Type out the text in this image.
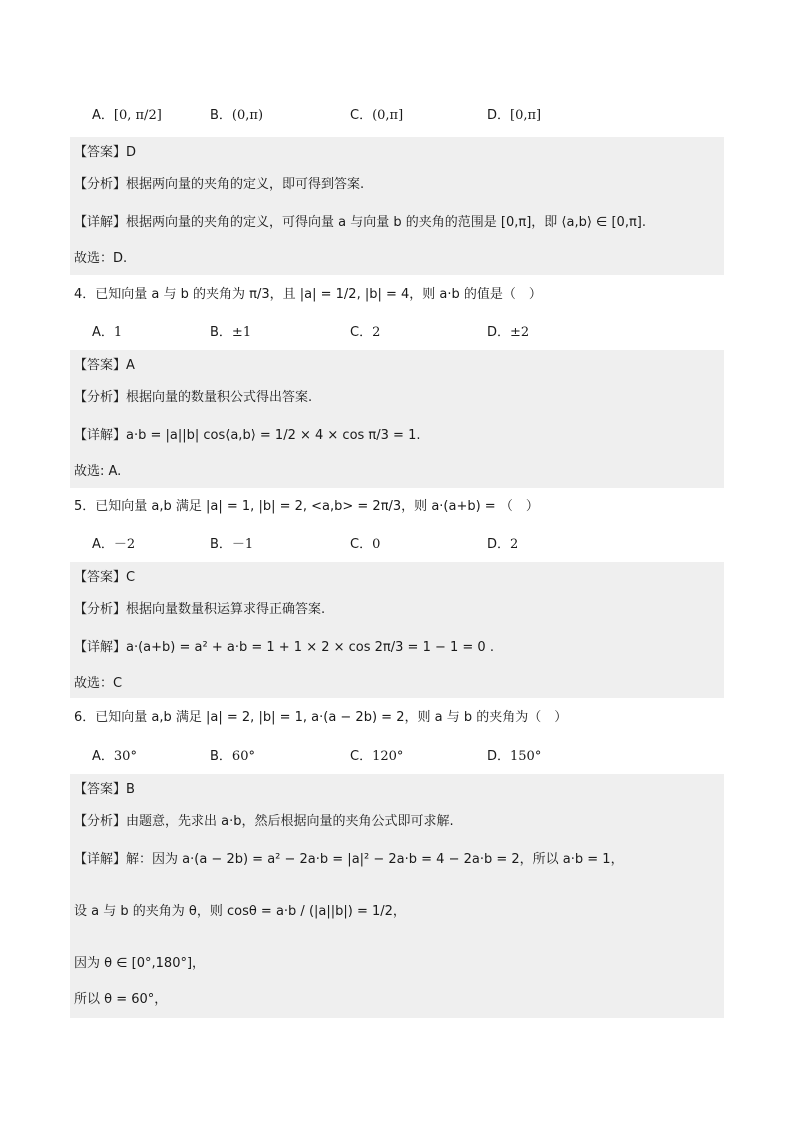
A．[0, π/2]	B．(0,π)	C．(0,π]	D．[0,π]
【答案】D
【分析】根据两向量的夹角的定义，即可得到答案.
【详解】根据两向量的夹角的定义，可得向量 a 与向量 b 的夹角的范围是 [0,π]，即 ⟨a,b⟩ ∈ [0,π].
故选：D.
4．已知向量 a 与 b 的夹角为 π/3，且 |a| = 1/2, |b| = 4，则 a·b 的值是（　）
A．1	B．±1	C．2	D．±2
【答案】A
【分析】根据向量的数量积公式得出答案.
【详解】a·b = |a||b| cos⟨a,b⟩ = 1/2 × 4 × cos π/3 = 1.
故选: A.
5．已知向量 a,b 满足 |a| = 1, |b| = 2, <a,b> = 2π/3，则 a·(a+b) = （　）
A．－2	B．－1	C．0	D．2
【答案】C
【分析】根据向量数量积运算求得正确答案.
【详解】a·(a+b) = a² + a·b = 1 + 1 × 2 × cos 2π/3 = 1 − 1 = 0 .
故选：C
6．已知向量 a,b 满足 |a| = 2, |b| = 1, a·(a − 2b) = 2，则 a 与 b 的夹角为（　）
A．30°	B．60°	C．120°	D．150°
【答案】B
【分析】由题意，先求出 a·b，然后根据向量的夹角公式即可求解.
【详解】解：因为 a·(a − 2b) = a² − 2a·b = |a|² − 2a·b = 4 − 2a·b = 2，所以 a·b = 1，
设 a 与 b 的夹角为 θ，则 cosθ = a·b / (|a||b|) = 1/2，
因为 θ ∈ [0°,180°]，
所以 θ = 60°，
